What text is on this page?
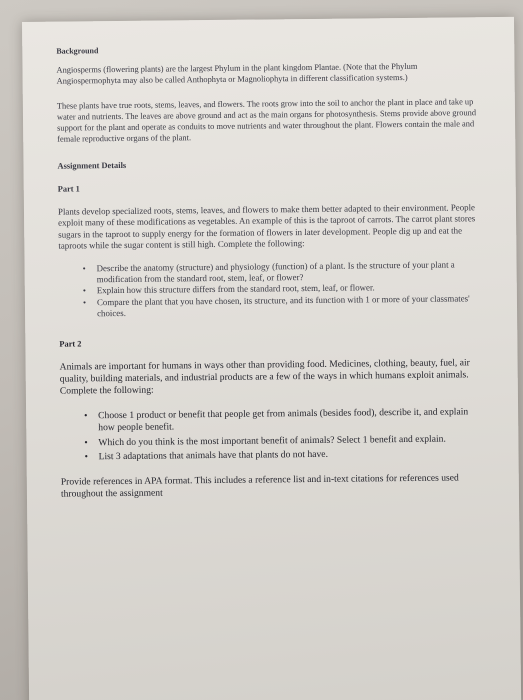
Background

Angiosperms (flowering plants) are the largest Phylum in the plant kingdom Plantae. (Note that the Phylum Angiospermophyta may also be called Anthophyta or Magnoliophyta in different classification systems.)

These plants have true roots, stems, leaves, and flowers. The roots grow into the soil to anchor the plant in place and take up water and nutrients. The leaves are above ground and act as the main organs for photosynthesis. Stems provide above ground support for the plant and operate as conduits to move nutrients and water throughout the plant. Flowers contain the male and female reproductive organs of the plant.

Assignment Details

Part 1

Plants develop specialized roots, stems, leaves, and flowers to make them better adapted to their environment. People exploit many of these modifications as vegetables. An example of this is the taproot of carrots. The carrot plant stores sugars in the taproot to supply energy for the formation of flowers in later development. People dig up and eat the taproots while the sugar content is still high. Complete the following:

• Describe the anatomy (structure) and physiology (function) of a plant. Is the structure of your plant a modification from the standard root, stem, leaf, or flower?
• Explain how this structure differs from the standard root, stem, leaf, or flower.
• Compare the plant that you have chosen, its structure, and its function with 1 or more of your classmates' choices.

Part 2

Animals are important for humans in ways other than providing food. Medicines, clothing, beauty, fuel, air quality, building materials, and industrial products are a few of the ways in which humans exploit animals. Complete the following:

• Choose 1 product or benefit that people get from animals (besides food), describe it, and explain how people benefit.
• Which do you think is the most important benefit of animals? Select 1 benefit and explain.
• List 3 adaptations that animals have that plants do not have.

Provide references in APA format. This includes a reference list and in-text citations for references used throughout the assignment
